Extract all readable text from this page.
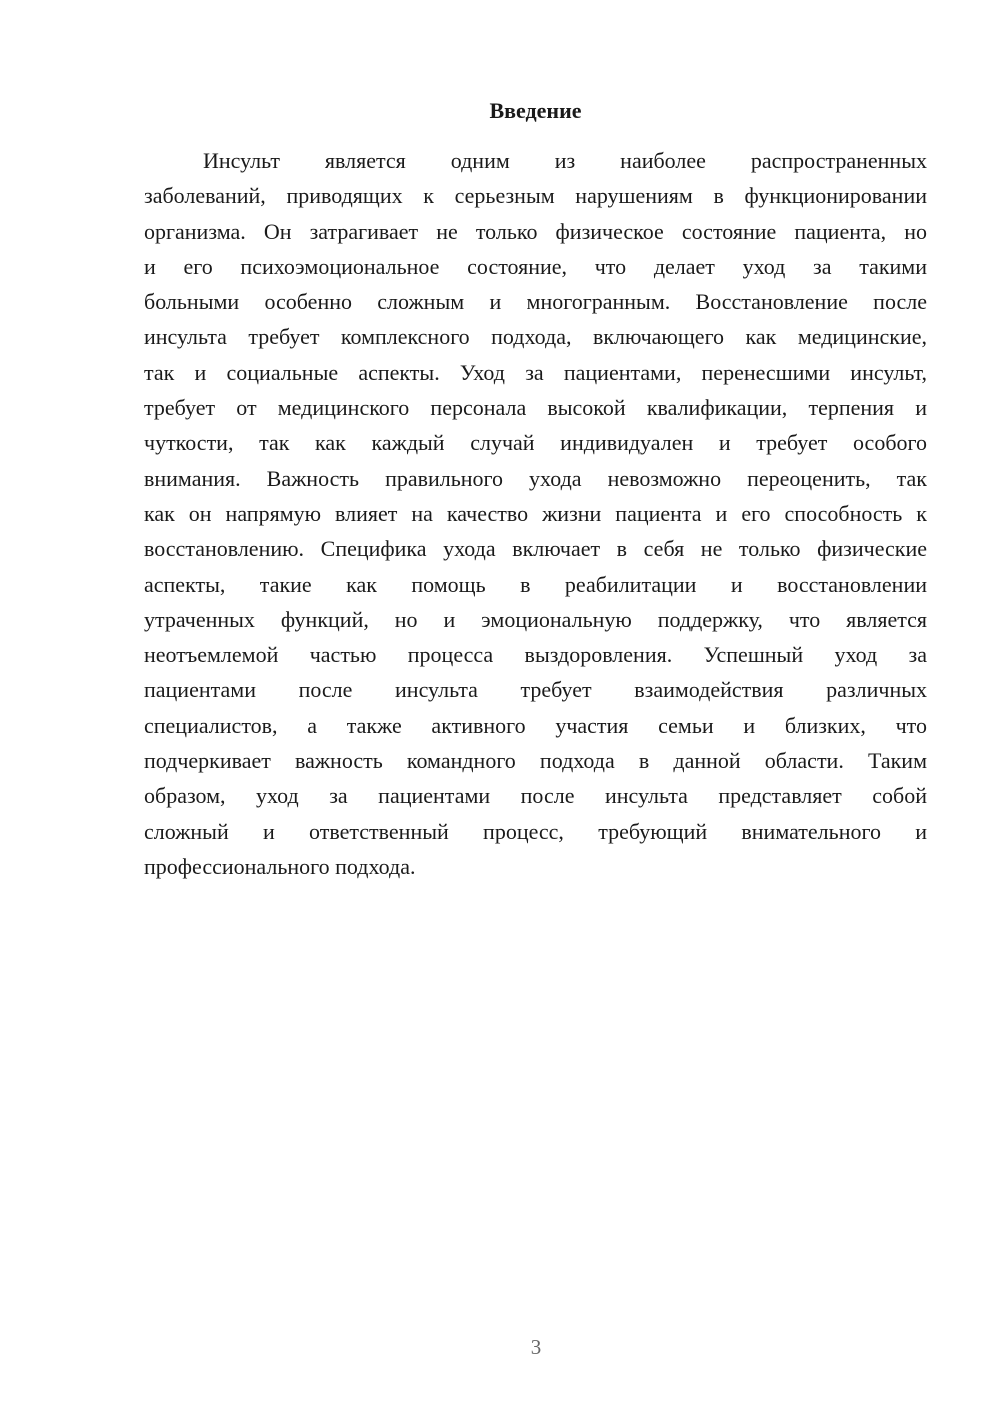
Введение
Инсульт является одним из наиболее распространенных
заболеваний, приводящих к серьезным нарушениям в функционировании
организма. Он затрагивает не только физическое состояние пациента, но
и его психоэмоциональное состояние, что делает уход за такими
больными особенно сложным и многогранным. Восстановление после
инсульта требует комплексного подхода, включающего как медицинские,
так и социальные аспекты. Уход за пациентами, перенесшими инсульт,
требует от медицинского персонала высокой квалификации, терпения и
чуткости, так как каждый случай индивидуален и требует особого
внимания. Важность правильного ухода невозможно переоценить, так
как он напрямую влияет на качество жизни пациента и его способность к
восстановлению. Специфика ухода включает в себя не только физические
аспекты, такие как помощь в реабилитации и восстановлении
утраченных функций, но и эмоциональную поддержку, что является
неотъемлемой частью процесса выздоровления. Успешный уход за
пациентами после инсульта требует взаимодействия различных
специалистов, а также активного участия семьи и близких, что
подчеркивает важность командного подхода в данной области. Таким
образом, уход за пациентами после инсульта представляет собой
сложный и ответственный процесс, требующий внимательного и
профессионального подхода.
3
